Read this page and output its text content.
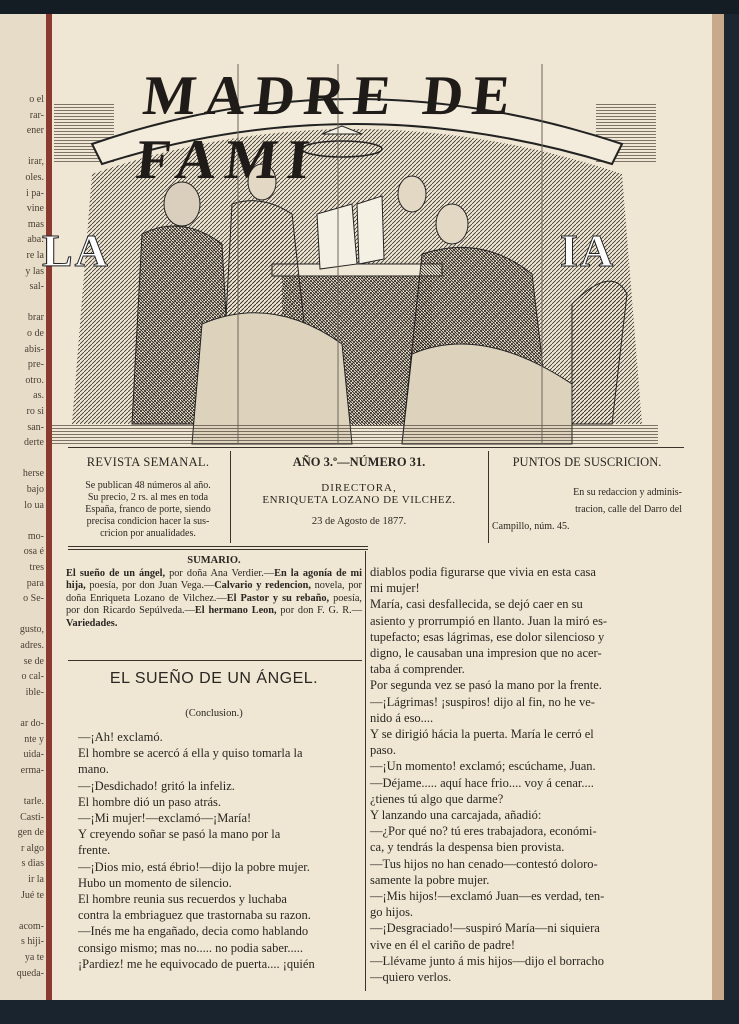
o el
rar-
ener
irar,
oles.
i pa-
vine
mas
aba:
re la
y las
sal-
brar
o de
abis-
pre-
otro.
as.
ro si
san-
derte
herse
bajo
lo ua
mo-
osa é
tres
para
o Se-
gusto,
adres.
se de
o cal-
ible-
ar do-
nte y
uida-
erma-
tarle.
Casti-
gen de
r algo
s dias
ir la
Jué te
acom-
s hiji-
ya te
queda-
MADRE DE FAMI
LA	IA
REVISTA SEMANAL.
Se publican 48 números al año.
Su precio, 2 rs. al mes en toda
España, franco de porte, siendo
precisa condicion hacer la sus-
cricion por anualidades.
AÑO 3.º—NÚMERO 31.
DIRECTORA,
ENRIQUETA LOZANO DE VILCHEZ.
23 de Agosto de 1877.
PUNTOS DE SUSCRICION.
En su redaccion y adminis-
tracion, calle del Darro del
Campillo, núm. 45.
SUMARIO.
El sueño de un ángel, por doña Ana Verdier.—En la agonía de mi hija, poesía, por don Juan Vega.—Calvario y redencion, novela, por doña Enriqueta Lozano de Vilchez.—El Pastor y su rebaño, poesía, por don Ricardo Sepúlveda.—El hermano Leon, por don F. G. R.—Variedades.
EL SUEÑO DE UN ÁNGEL.
(Conclusion.)

—¡Ah! exclamó.

El hombre se acercó á ella y quiso tomarla la

mano.

—¡Desdichado! gritó la infeliz.

El hombre dió un paso atrás.

—¡Mi mujer!—exclamó—¡María!

Y creyendo soñar se pasó la mano por la

frente.

—¡Dios mio, está ébrio!—dijo la pobre mujer.

Hubo un momento de silencio.

El hombre reunia sus recuerdos y luchaba

contra la embriaguez que trastornaba su razon.

—Inés me ha engañado, decia como hablando

consigo mismo; mas no..... no podia saber.....

¡Pardiez! me he equivocado de puerta.... ¡quién

diablos podia figurarse que vivia en esta casa

mi mujer!

María, casi desfallecida, se dejó caer en su

asiento y prorrumpió en llanto. Juan la miró es-

tupefacto; esas lágrimas, ese dolor silencioso y

digno, le causaban una impresion que no acer-

taba á comprender.

Por segunda vez se pasó la mano por la frente.

—¡Lágrimas! ¡suspiros! dijo al fin, no he ve-

nido á eso....

Y se dirigió hácia la puerta. María le cerró el

paso.

—¡Un momento! exclamó; escúchame, Juan.

—Déjame..... aquí hace frio.... voy á cenar....

¿tienes tú algo que darme?

Y lanzando una carcajada, añadió:

—¿Por qué no? tú eres trabajadora, económi-

ca, y tendrás la despensa bien provista.

—Tus hijos no han cenado—contestó doloro-

samente la pobre mujer.

—¡Mis hijos!—exclamó Juan—es verdad, ten-

go hijos.

—¡Desgraciado!—suspiró María—ni siquiera

vive en él el cariño de padre!

—Llévame junto á mis hijos—dijo el borracho

—quiero verlos.
